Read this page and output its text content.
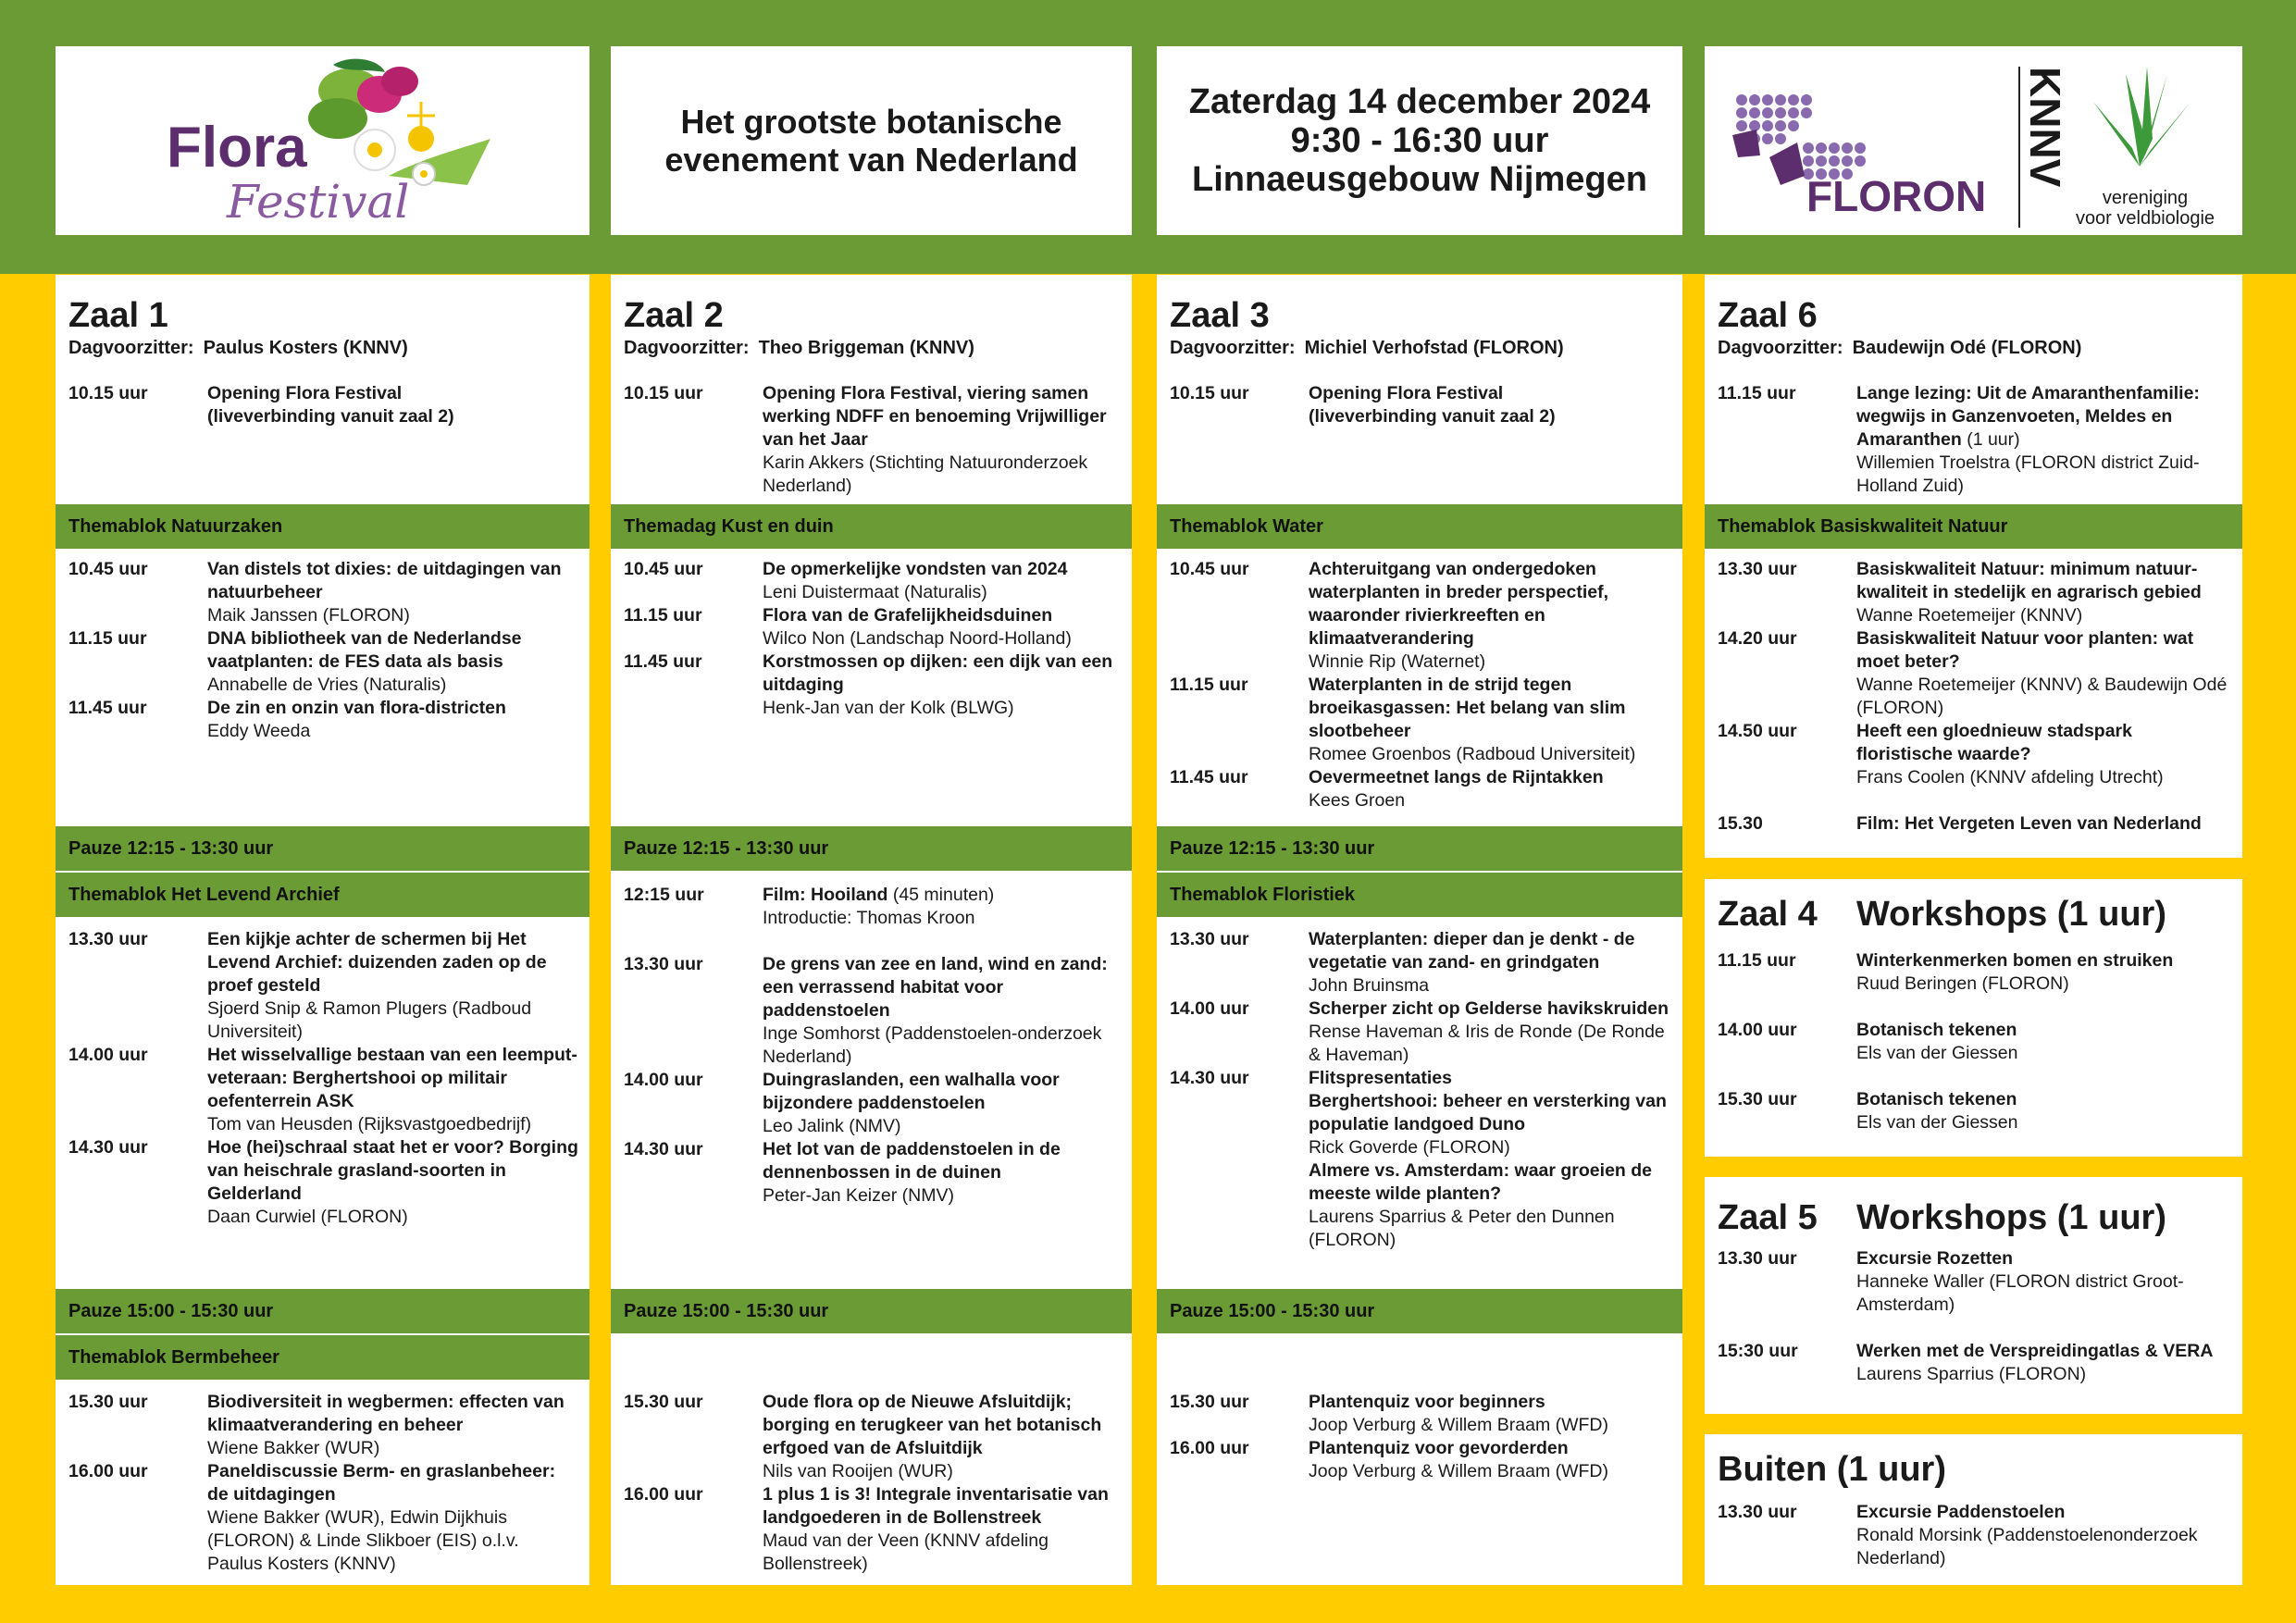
Flora
Festival
Het grootste botanische
evenement van Nederland
Zaterdag 14 december 2024
9:30 - 16:30 uur
Linnaeusgebouw Nijmegen	FLORON
KNNV
vereniging
voor veldbiologie
Zaal 1
Dagvoorzitter: Paulus Kosters (KNNV)
10.15 uur	Opening Flora Festival
(liveverbinding vanuit zaal 2)
Themablok Natuurzaken
10.45 uur	Van distels tot dixies: de uitdagingen van natuurbeheer
Maik Janssen (FLORON)
11.15 uur	DNA bibliotheek van de Nederlandse vaatplanten: de FES data als basis
Annabelle de Vries (Naturalis)
11.45 uur	De zin en onzin van flora-districten
Eddy Weeda
Pauze 12:15 - 13:30 uur
Themablok Het Levend Archief
13.30 uur	Een kijkje achter de schermen bij Het Levend Archief: duizenden zaden op de proef gesteld
Sjoerd Snip & Ramon Plugers (Radboud Universiteit)
14.00 uur	Het wisselvallige bestaan van een leemput-veteraan: Berghertshooi op militair oefenterrein ASK
Tom van Heusden (Rijksvastgoedbedrijf)
14.30 uur	Hoe (hei)schraal staat het er voor? Borging van heischrale grasland-soorten in Gelderland
Daan Curwiel (FLORON)
Pauze 15:00 - 15:30 uur
Themablok Bermbeheer
15.30 uur	Biodiversiteit in wegbermen: effecten van klimaatverandering en beheer
Wiene Bakker (WUR)
16.00 uur	Paneldiscussie Berm- en graslanbeheer: de uitdagingen
Wiene Bakker (WUR), Edwin Dijkhuis (FLORON) & Linde Slikboer (EIS) o.l.v. Paulus Kosters (KNNV)
Zaal 2
Dagvoorzitter: Theo Briggeman (KNNV)
10.15 uur	Opening Flora Festival, viering samen werking NDFF en benoeming Vrijwilliger van het Jaar
Karin Akkers (Stichting Natuuronderzoek Nederland)
Themadag Kust en duin
10.45 uur	De opmerkelijke vondsten van 2024
Leni Duistermaat (Naturalis)
11.15 uur	Flora van de Grafelijkheidsduinen
Wilco Non (Landschap Noord-Holland)
11.45 uur	Korstmossen op dijken: een dijk van een uitdaging
Henk-Jan van der Kolk (BLWG)
Pauze 12:15 - 13:30 uur
12:15 uur	Film: Hooiland (45 minuten)
Introductie: Thomas Kroon
13.30 uur	De grens van zee en land, wind en zand: een verrassend habitat voor paddenstoelen
Inge Somhorst (Paddenstoelen-onderzoek Nederland)
14.00 uur	Duingraslanden, een walhalla voor bijzondere paddenstoelen
Leo Jalink (NMV)
14.30 uur	Het lot van de paddenstoelen in de dennenbossen in de duinen
Peter-Jan Keizer (NMV)
Pauze 15:00 - 15:30 uur
15.30 uur	Oude flora op de Nieuwe Afsluitdijk; borging en terugkeer van het botanisch erfgoed van de Afsluitdijk
Nils van Rooijen (WUR)
16.00 uur	1 plus 1 is 3! Integrale inventarisatie van landgoederen in de Bollenstreek
Maud van der Veen (KNNV afdeling Bollenstreek)
Zaal 3
Dagvoorzitter: Michiel Verhofstad (FLORON)
10.15 uur	Opening Flora Festival
(liveverbinding vanuit zaal 2)
Themablok Water
10.45 uur	Achteruitgang van ondergedoken waterplanten in breder perspectief, waaronder rivierkreeften en klimaatverandering
Winnie Rip (Waternet)
11.15 uur	Waterplanten in de strijd tegen broeikasgassen: Het belang van slim slootbeheer
Romee Groenbos (Radboud Universiteit)
11.45 uur	Oevermeetnet langs de Rijntakken
Kees Groen
Pauze 12:15 - 13:30 uur
Themablok Floristiek
13.30 uur	Waterplanten: dieper dan je denkt - de vegetatie van zand- en grindgaten
John Bruinsma
14.00 uur	Scherper zicht op Gelderse havikskruiden
Rense Haveman & Iris de Ronde (De Ronde & Haveman)
14.30 uur	Flitspresentaties
Berghertshooi: beheer en versterking van populatie landgoed Duno
Rick Goverde (FLORON)
Almere vs. Amsterdam: waar groeien de meeste wilde planten?
Laurens Sparrius & Peter den Dunnen (FLORON)
Pauze 15:00 - 15:30 uur
15.30 uur	Plantenquiz voor beginners
Joop Verburg & Willem Braam (WFD)
16.00 uur	Plantenquiz voor gevorderden
Joop Verburg & Willem Braam (WFD)
Zaal 6
Dagvoorzitter: Baudewijn Odé (FLORON)
11.15 uur	Lange lezing: Uit de Amaranthenfamilie: wegwijs in Ganzenvoeten, Meldes en Amaranthen (1 uur)
Willemien Troelstra (FLORON district Zuid-Holland Zuid)
Themablok Basiskwaliteit Natuur
13.30 uur	Basiskwaliteit Natuur: minimum natuur-kwaliteit in stedelijk en agrarisch gebied
Wanne Roetemeijer (KNNV)
14.20 uur	Basiskwaliteit Natuur voor planten: wat moet beter?
Wanne Roetemeijer (KNNV) & Baudewijn Odé (FLORON)
14.50 uur	Heeft een gloednieuw stadspark floristische waarde?
Frans Coolen (KNNV afdeling Utrecht)
15.30	Film: Het Vergeten Leven van Nederland
Zaal 4	Workshops (1 uur)
11.15 uur	Winterkenmerken bomen en struiken
Ruud Beringen (FLORON)
14.00 uur	Botanisch tekenen
Els van der Giessen
15.30 uur	Botanisch tekenen
Els van der Giessen
Zaal 5	Workshops (1 uur)
13.30 uur	Excursie Rozetten
Hanneke Waller (FLORON district Groot-Amsterdam)
15:30 uur	Werken met de Verspreidingatlas & VERA
Laurens Sparrius (FLORON)
Buiten (1 uur)
13.30 uur	Excursie Paddenstoelen
Ronald Morsink (Paddenstoelenonderzoek Nederland)
